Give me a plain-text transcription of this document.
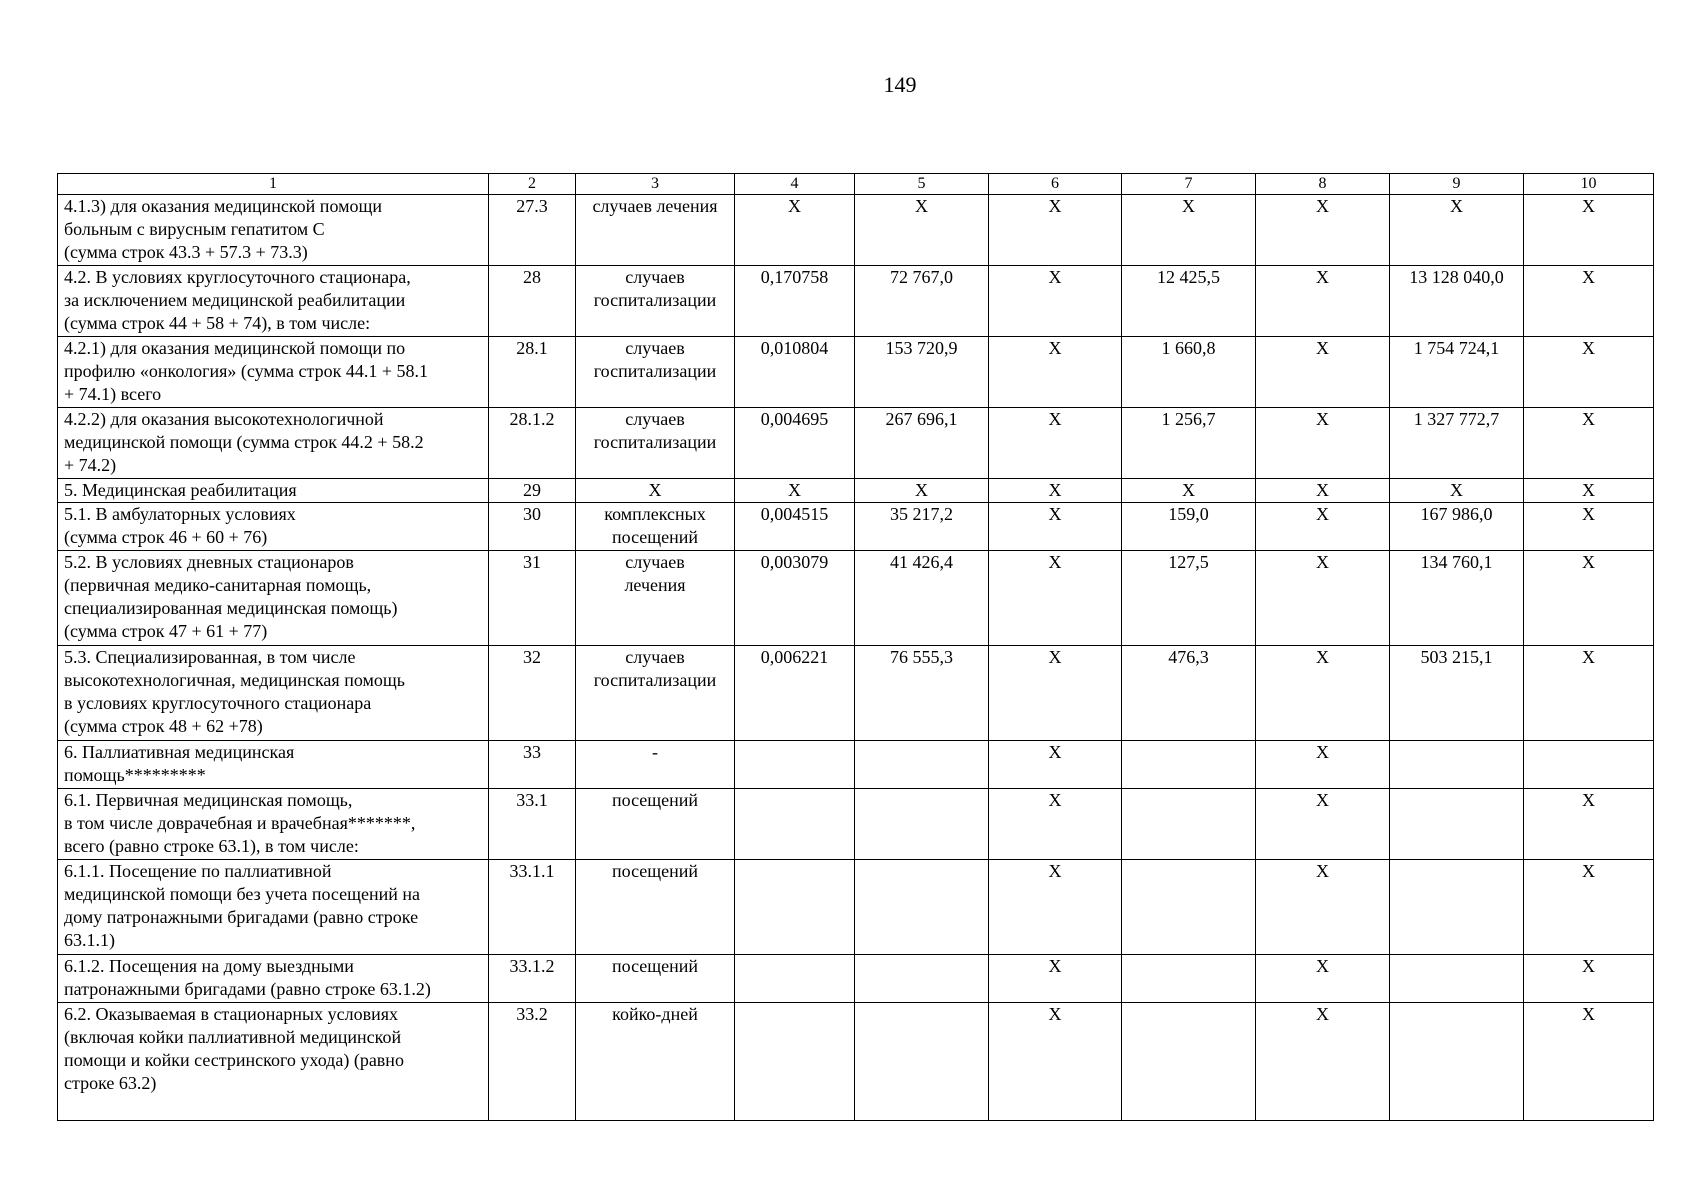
149
1	2	3	4	5	6	7	8	9	10
4.1.3) для оказания медицинской помощи
больным с вирусным гепатитом С
(сумма строк 43.3 + 57.3 + 73.3)	27.3	случаев лечения	Х	Х	Х	Х	Х	Х	Х
4.2. В условиях круглосуточного стационара,
за исключением медицинской реабилитации
(сумма строк 44 + 58 + 74), в том числе:	28	случаев
госпитализации	0,170758	72 767,0	Х	12 425,5	Х	13 128 040,0	Х
4.2.1) для оказания медицинской помощи по
профилю «онкология» (сумма строк 44.1 + 58.1
+ 74.1) всего	28.1	случаев
госпитализации	0,010804	153 720,9	Х	1 660,8	Х	1 754 724,1	Х
4.2.2) для оказания высокотехнологичной
медицинской помощи (сумма строк 44.2 + 58.2
+ 74.2)	28.1.2	случаев
госпитализации	0,004695	267 696,1	Х	1 256,7	Х	1 327 772,7	Х
5. Медицинская реабилитация	29	Х	Х	Х	Х	Х	Х	Х	Х
5.1. В амбулаторных условиях
(сумма строк 46 + 60 + 76)	30	комплексных
посещений	0,004515	35 217,2	Х	159,0	Х	167 986,0	Х
5.2. В условиях дневных стационаров
(первичная медико-санитарная помощь,
специализированная медицинская помощь)
(сумма строк 47 + 61 + 77)	31	случаев
лечения	0,003079	41 426,4	Х	127,5	Х	134 760,1	Х
5.3. Специализированная, в том числе
высокотехнологичная, медицинская помощь
в условиях круглосуточного стационара
(сумма строк 48 + 62 +78)	32	случаев
госпитализации	0,006221	76 555,3	Х	476,3	Х	503 215,1	Х
6. Паллиативная медицинская
помощь*********	33	-			Х		Х		
6.1. Первичная медицинская помощь,
в том числе доврачебная и врачебная*******,
всего (равно строке 63.1), в том числе:	33.1	посещений			Х		Х		Х
6.1.1. Посещение по паллиативной
медицинской помощи без учета посещений на
дому патронажными бригадами (равно строке
63.1.1)	33.1.1	посещений			Х		Х		Х
6.1.2. Посещения на дому выездными
патронажными бригадами (равно строке 63.1.2)	33.1.2	посещений			Х		Х		Х
6.2. Оказываемая в стационарных условиях
(включая койки паллиативной медицинской
помощи и койки сестринского ухода) (равно
строке 63.2)	33.2	койко-дней			Х		Х		Х
